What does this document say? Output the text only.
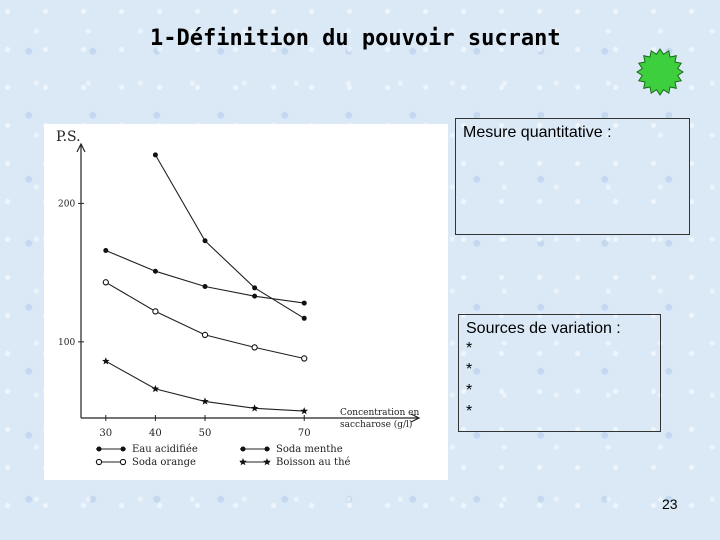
1-Définition du pouvoir sucrant
P.S.
200
100
30	40	50	70
Concentration en
saccharose (g/l)
Eau acidifiée	Soda menthe
Soda orange	Boisson au thé
Mesure quantitative :
Sources de variation :
*
*
*
*
23
